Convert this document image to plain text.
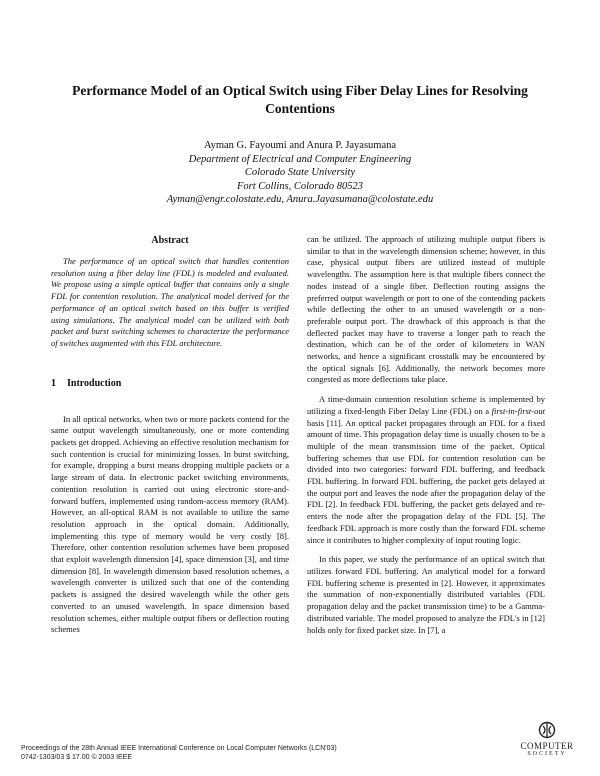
Performance Model of an Optical Switch using Fiber Delay Lines for Resolving Contentions
Ayman G. Fayoumi and Anura P. Jayasumana
Department of Electrical and Computer Engineering
Colorado State University
Fort Collins, Colorado 80523
Ayman@engr.colostate.edu, Anura.Jayasumana@colostate.edu
Abstract

The performance of an optical switch that handles contention resolution using a fiber delay line (FDL) is modeled and evaluated. We propose using a simple optical buffer that contains only a single FDL for contention resolution. The analytical model derived for the performance of an optical switch based on this buffer is verified using simulations. The analytical model can be utilized with both packet and burst switching schemes to characterize the performance of switches augmented with this FDL architecture.

1 Introduction

In all optical networks, when two or more packets contend for the same output wavelength simultaneously, one or more contending packets get dropped. Achieving an effective resolution mechanism for such contention is crucial for minimizing losses. In burst switching, for example, dropping a burst means dropping multiple packets or a large stream of data. In electronic packet switching environments, contention resolution is carried out using electronic store-and-forward buffers, implemented using random-access memory (RAM). However, an all-optical RAM is not available to utilize the same resolution approach in the optical domain. Additionally, implementing this type of memory would be very costly [8]. Therefore, other contention resolution schemes have been proposed that exploit wavelength dimension [4], space dimension [3], and time dimension [8]. In wavelength dimension based resolution schemes, a wavelength converter is utilized such that one of the contending packets is assigned the desired wavelength while the other gets converted to an unused wavelength. In space dimension based resolution schemes, either multiple output fibers or deflection routing schemes

can be utilized. The approach of utilizing multiple output fibers is similar to that in the wavelength dimension scheme; however, in this case, physical output fibers are utilized instead of multiple wavelengths. The assumption here is that multiple fibers connect the nodes instead of a single fiber. Deflection routing assigns the preferred output wavelength or port to one of the contending packets while deflecting the other to an unused wavelength or a non-preferable output port. The drawback of this approach is that the deflected packet may have to traverse a longer path to reach the destination, which can be of the order of kilometers in WAN networks, and hence a significant crosstalk may be encountered by the optical signals [6]. Additionally, the network becomes more congested as more deflections take place.

A time-domain contention resolution scheme is implemented by utilizing a fixed-length Fiber Delay Line (FDL) on a first-in-first-out basis [11]. An optical packet propagates through an FDL for a fixed amount of time. This propagation delay time is usually chosen to be a multiple of the mean transmission time of the packet. Optical buffering schemes that use FDL for contention resolution can be divided into two categories: forward FDL buffering, and feedback FDL buffering. In forward FDL buffering, the packet gets delayed at the output port and leaves the node after the propagation delay of the FDL [2]. In feedback FDL buffering, the packet gets delayed and re-enters the node after the propagation delay of the FDL [5]. The feedback FDL approach is more costly than the forward FDL scheme since it contributes to higher complexity of input routing logic.

In this paper, we study the performance of an optical switch that utilizes forward FDL buffering. An analytical model for a forward FDL buffering scheme is presented in [2]. However, it approximates the summation of non-exponentially distributed variables (FDL propagation delay and the packet transmission time) to be a Gamma-distributed variable. The model proposed to analyze the FDL's in [12] holds only for fixed packet size. In [7], a

Proceedings of the 28th Annual IEEE International Conference on Local Computer Networks (LCN'03)
0742-1303/03 $ 17.00 © 2003 IEEE
COMPUTER
SOCIETY
